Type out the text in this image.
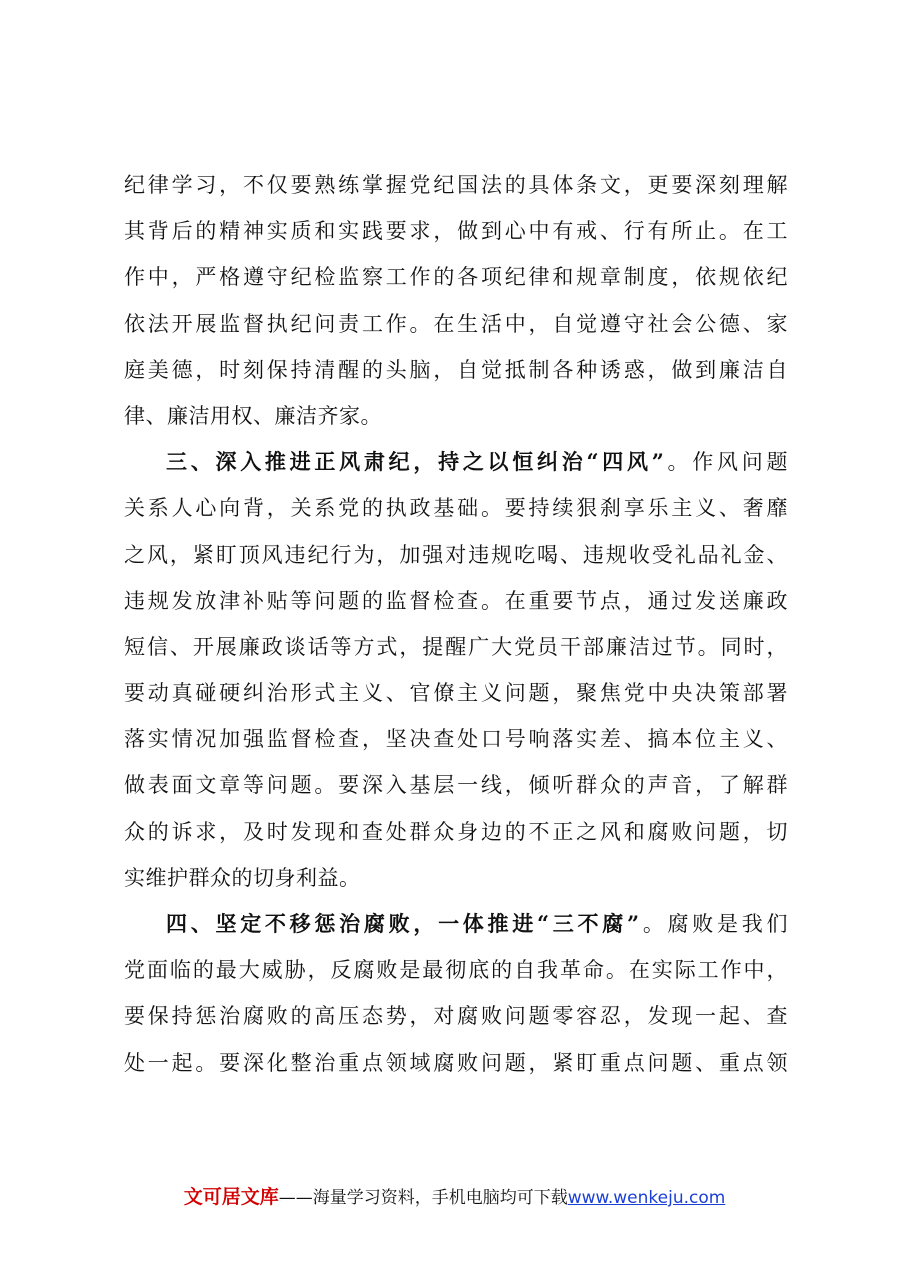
纪律学习，不仅要熟练掌握党纪国法的具体条文，更要深刻理解
其背后的精神实质和实践要求，做到心中有戒、行有所止。在工
作中，严格遵守纪检监察工作的各项纪律和规章制度，依规依纪
依法开展监督执纪问责工作。在生活中，自觉遵守社会公德、家
庭美德，时刻保持清醒的头脑，自觉抵制各种诱惑，做到廉洁自
律、廉洁用权、廉洁齐家。
三、深入推进正风肃纪，持之以恒纠治“四风”。作风问题
关系人心向背，关系党的执政基础。要持续狠刹享乐主义、奢靡
之风，紧盯顶风违纪行为，加强对违规吃喝、违规收受礼品礼金、
违规发放津补贴等问题的监督检查。在重要节点，通过发送廉政
短信、开展廉政谈话等方式，提醒广大党员干部廉洁过节。同时，
要动真碰硬纠治形式主义、官僚主义问题，聚焦党中央决策部署
落实情况加强监督检查，坚决查处口号响落实差、搞本位主义、
做表面文章等问题。要深入基层一线，倾听群众的声音，了解群
众的诉求，及时发现和查处群众身边的不正之风和腐败问题，切
实维护群众的切身利益。
四、坚定不移惩治腐败，一体推进“三不腐”。腐败是我们
党面临的最大威胁，反腐败是最彻底的自我革命。在实际工作中，
要保持惩治腐败的高压态势，对腐败问题零容忍，发现一起、查
处一起。要深化整治重点领域腐败问题，紧盯重点问题、重点领
文可居文库——海量学习资料，手机电脑均可下载www.wenkeju.com
